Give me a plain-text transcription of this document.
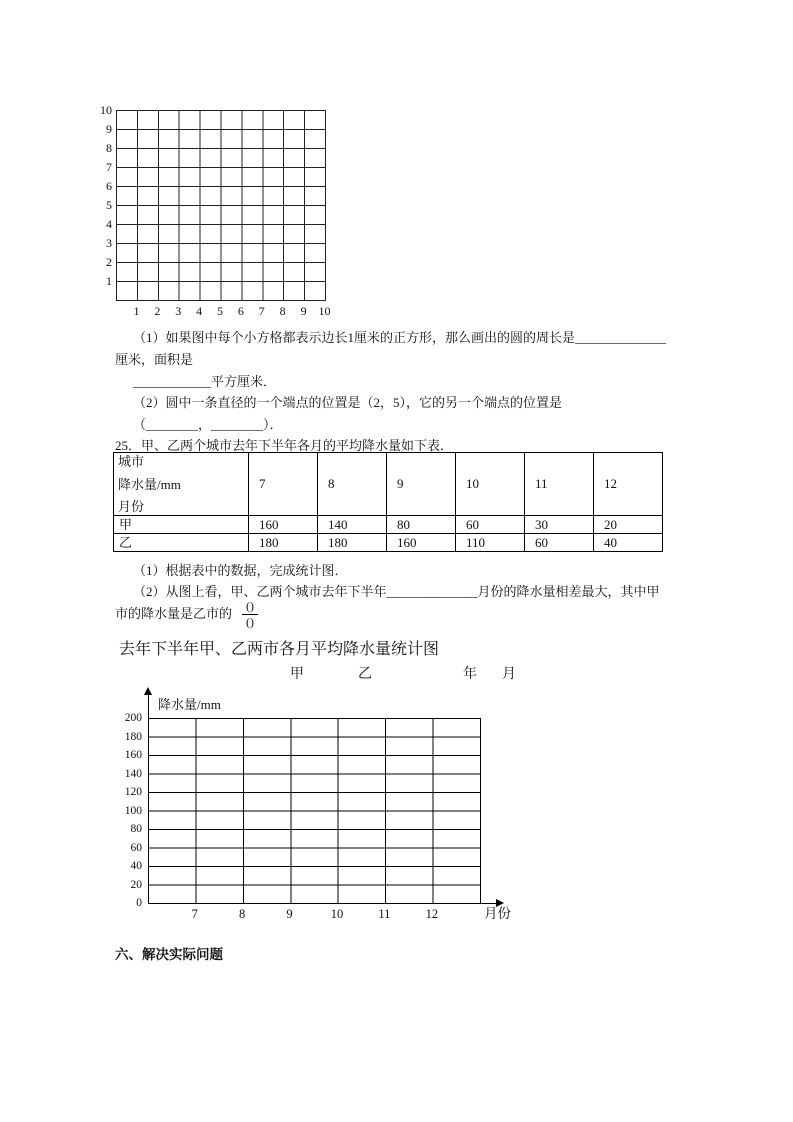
10
9
8
7
6
5
4
3
2
1
1	2	3	4	5	6	7	8	9 10
（1）如果图中每个小方格都表示边长1厘米的正方形，那么画出的圆的周长是______________
厘米，面积是
____________平方厘米．
（2）圆中一条直径的一个端点的位置是（2，5），它的另一个端点的位置是
（________，________）．
25．甲、乙两个城市去年下半年各月的平均降水量如下表．
城市
降水量/mm
月份	7	8	9	10	11	12
甲	160	140	80	60	30	20
乙	180	180	160	110	60	40
（1）根据表中的数据，完成统计图．
（2）从图上看，甲、乙两个城市去年下半年______________月份的降水量相差最大，其中甲
市的降水量是乙市的 $\frac{()}{()}$
去年下半年甲、乙两市各月平均降水量统计图
甲	乙	年 月
降水量/mm
200
180
160
140
120
100
80
60
40
20
0
7	8	9	10	11	12	月份
六、解决实际问题
